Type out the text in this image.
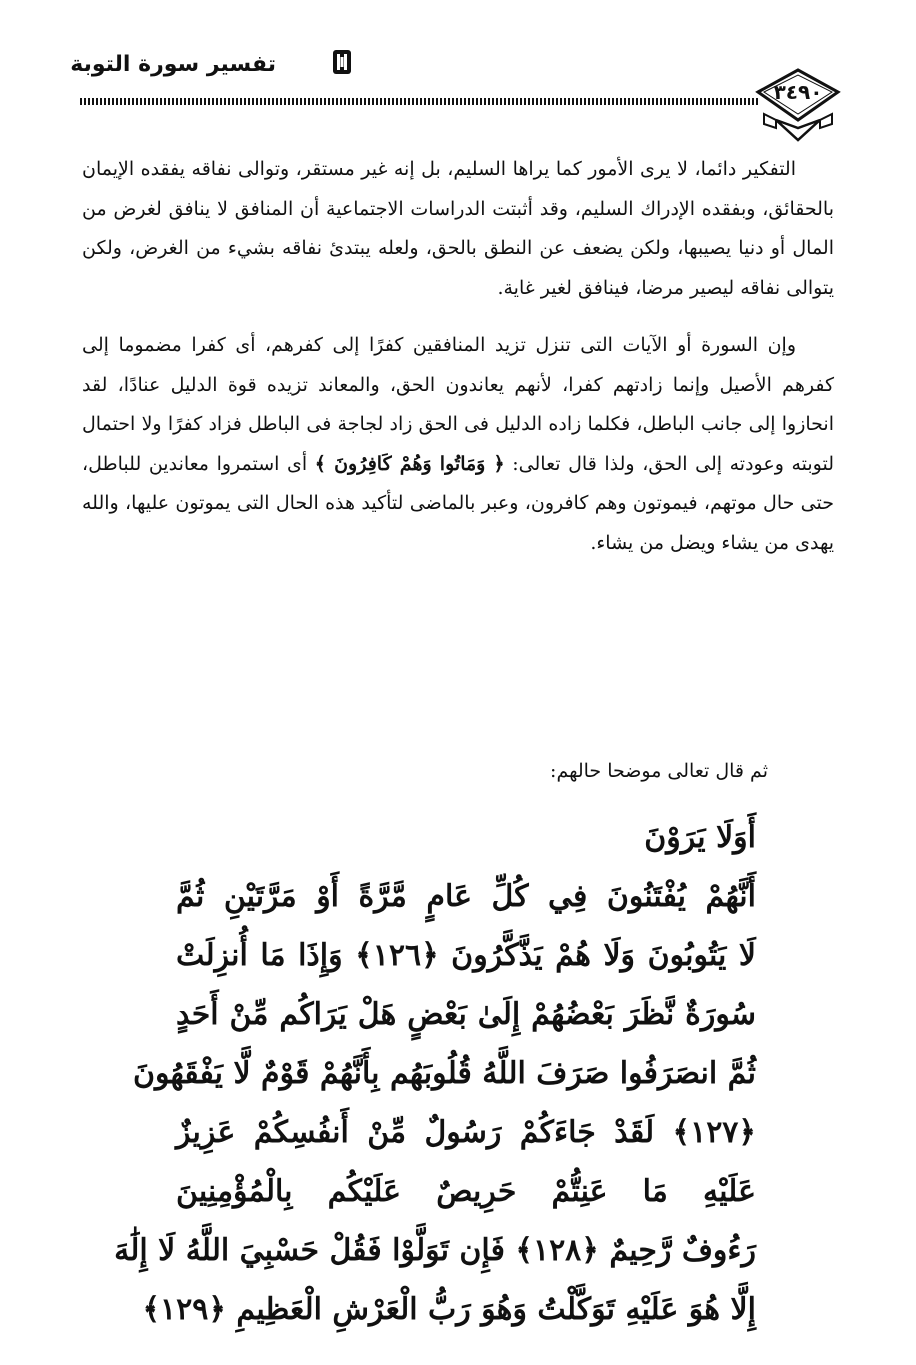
تفسير سورة التوبة
٣٤٩٠

التفكير دائما، لا يرى الأمور كما يراها السليم، بل إنه غير مستقر، وتوالى نفاقه يفقده الإيمان بالحقائق، وبفقده الإدراك السليم، وقد أثبتت الدراسات الاجتماعية أن المنافق لا ينافق لغرض من المال أو دنيا يصيبها، ولكن يضعف عن النطق بالحق، ولعله يبتدئ نفاقه بشيء من الغرض، ولكن يتوالى نفاقه ليصير مرضا، فينافق لغير غاية.

وإن السورة أو الآيات التى تنزل تزيد المنافقين كفرًا إلى كفرهم، أى كفرا مضموما إلى كفرهم الأصيل وإنما زادتهم كفرا، لأنهم يعاندون الحق، والمعاند تزيده قوة الدليل عنادًا، لقد انحازوا إلى جانب الباطل، فكلما زاده الدليل فى الحق زاد لجاجة فى الباطل فزاد كفرًا ولا احتمال لتوبته وعودته إلى الحق، ولذا قال تعالى: ﴿ وَمَاتُوا وَهُمْ كَافِرُونَ ﴾ أى استمروا معاندين للباطل، حتى حال موتهم، فيموتون وهم كافرون، وعبر بالماضى لتأكيد هذه الحال التى يموتون عليها، والله يهدى من يشاء ويضل من يشاء.

ثم قال تعالى موضحا حالهم:
أَوَلَا يَرَوْنَ
أَنَّهُمْ يُفْتَنُونَ فِي كُلِّ عَامٍ مَّرَّةً أَوْ مَرَّتَيْنِ ثُمَّ
لَا يَتُوبُونَ وَلَا هُمْ يَذَّكَّرُونَ ﴿١٢٦﴾ وَإِذَا مَا أُنزِلَتْ
سُورَةٌ نَّظَرَ بَعْضُهُمْ إِلَىٰ بَعْضٍ هَلْ يَرَاكُم مِّنْ أَحَدٍ
ثُمَّ انصَرَفُوا صَرَفَ اللَّهُ قُلُوبَهُم بِأَنَّهُمْ قَوْمٌ لَّا يَفْقَهُونَ
﴿١٢٧﴾ لَقَدْ جَاءَكُمْ رَسُولٌ مِّنْ أَنفُسِكُمْ عَزِيزٌ
عَلَيْهِ مَا عَنِتُّمْ حَرِيصٌ عَلَيْكُم بِالْمُؤْمِنِينَ
رَءُوفٌ رَّحِيمٌ ﴿١٢٨﴾ فَإِن تَوَلَّوْا فَقُلْ حَسْبِيَ اللَّهُ لَا إِلَٰهَ
إِلَّا هُوَ عَلَيْهِ تَوَكَّلْتُ وَهُوَ رَبُّ الْعَرْشِ الْعَظِيمِ ﴿١٢٩﴾
